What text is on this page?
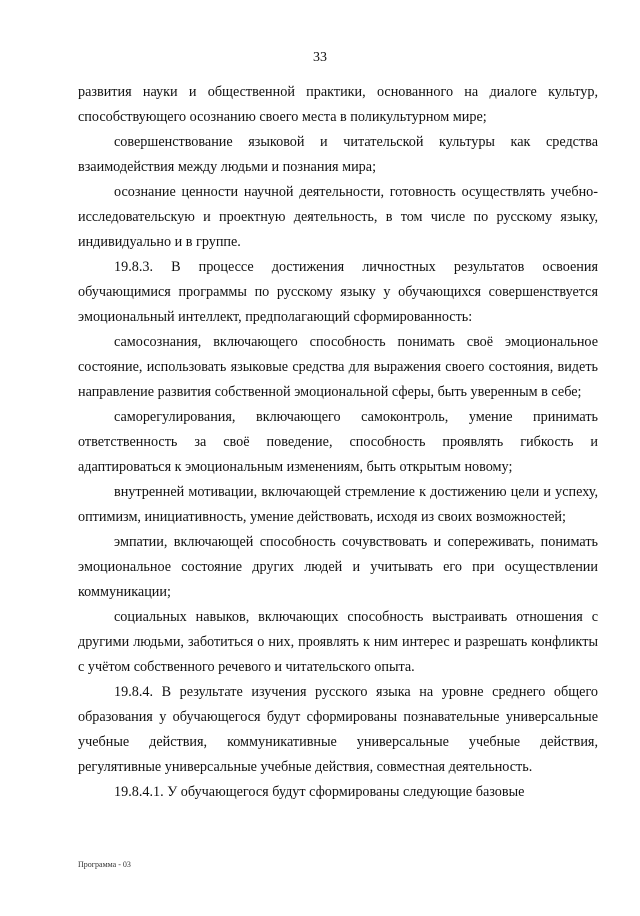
33

развития науки и общественной практики, основанного на диалоге культур, способствующего осознанию своего места в поликультурном мире;

совершенствование языковой и читательской культуры как средства взаимодействия между людьми и познания мира;

осознание ценности научной деятельности, готовность осуществлять учебно-исследовательскую и проектную деятельность, в том числе по русскому языку, индивидуально и в группе.

19.8.3. В процессе достижения личностных результатов освоения обучающимися программы по русскому языку у обучающихся совершенствуется эмоциональный интеллект, предполагающий сформированность:

самосознания, включающего способность понимать своё эмоциональное состояние, использовать языковые средства для выражения своего состояния, видеть направление развития собственной эмоциональной сферы, быть уверенным в себе;

саморегулирования, включающего самоконтроль, умение принимать ответственность за своё поведение, способность проявлять гибкость и адаптироваться к эмоциональным изменениям, быть открытым новому;

внутренней мотивации, включающей стремление к достижению цели и успеху, оптимизм, инициативность, умение действовать, исходя из своих возможностей;

эмпатии, включающей способность сочувствовать и сопереживать, понимать эмоциональное состояние других людей и учитывать его при осуществлении коммуникации;

социальных навыков, включающих способность выстраивать отношения с другими людьми, заботиться о них, проявлять к ним интерес и разрешать конфликты с учётом собственного речевого и читательского опыта.

19.8.4. В результате изучения русского языка на уровне среднего общего образования у обучающегося будут сформированы познавательные универсальные учебные действия, коммуникативные универсальные учебные действия, регулятивные универсальные учебные действия, совместная деятельность.

19.8.4.1. У обучающегося будут сформированы следующие базовые

Программа - 03
